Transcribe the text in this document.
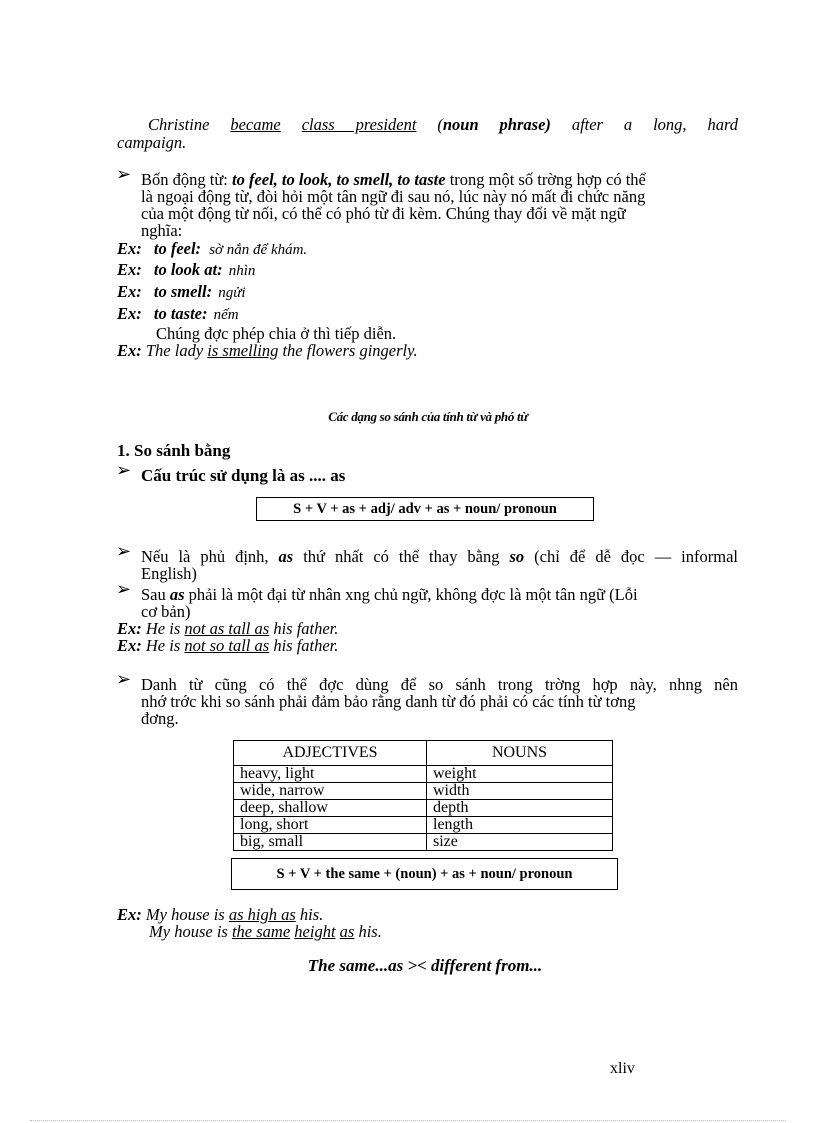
Christine became class president (noun phrase) after a long, hard
campaign.
➢ Bốn động từ: to feel, to look, to smell, to taste trong một số trờng hợp có thể
là ngoại động từ, đòi hỏi một tân ngữ đi sau nó, lúc này nó mất đi chức năng
của một động từ nối, có thể có phó từ đi kèm. Chúng thay đổi về mặt ngữ
nghĩa:
Ex: to feel: sờ nắn để khám.
Ex: to look at: nhìn
Ex: to smell: ngửi
Ex: to taste: nếm
Chúng đợc phép chia ở thì tiếp diễn.
Ex: The lady is smelling the flowers gingerly.
Các dạng so sánh của tính từ và phó từ
1. So sánh bằng
➢ Cấu trúc sử dụng là as .... as
S + V + as + adj/ adv + as + noun/ pronoun
➢ Nếu là phủ định, as thứ nhất có thể thay bằng so (chỉ để dễ đọc — informal
English)
➢ Sau as phải là một đại từ nhân xng chủ ngữ, không đợc là một tân ngữ (Lỗi
cơ bản)
Ex: He is not as tall as his father.
Ex: He is not so tall as his father.
➢ Danh từ cũng có thể đợc dùng để so sánh trong trờng hợp này, nhng nên
nhớ trớc khi so sánh phải đảm bảo rằng danh từ đó phải có các tính từ tơng
đơng.
ADJECTIVES	NOUNS
heavy, light	weight
wide, narrow	width
deep, shallow	depth
long, short	length
big, small	size
S + V + the same + (noun) + as + noun/ pronoun
Ex: My house is as high as his.
My house is the same height as his.
The same...as >< different from...
xliv
